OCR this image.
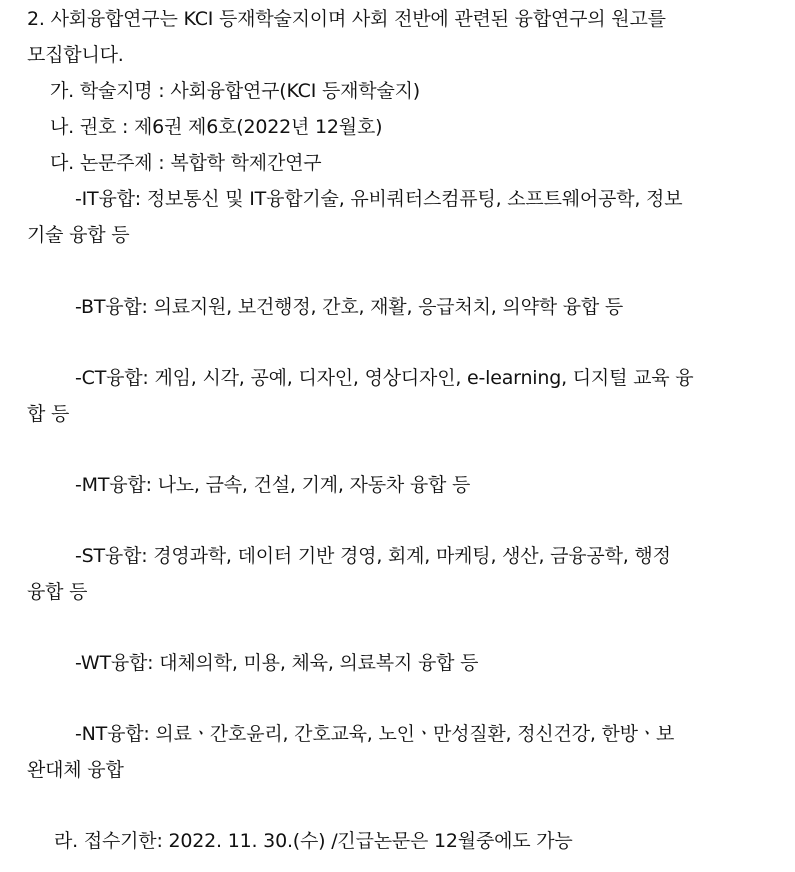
2. 사회융합연구는 KCI 등재학술지이며 사회 전반에 관련된 융합연구의 원고를
모집합니다.
가. 학술지명 : 사회융합연구(KCI 등재학술지)
나. 권호 : 제6권 제6호(2022년 12월호)
다. 논문주제 : 복합학 학제간연구
-IT융합: 정보통신 및 IT융합기술, 유비쿼터스컴퓨팅, 소프트웨어공학, 정보
기술 융합 등
-BT융합: 의료지원, 보건행정, 간호, 재활, 응급처치, 의약학 융합 등
-CT융합: 게임, 시각, 공예, 디자인, 영상디자인, e-learning, 디지털 교육 융
합 등
-MT융합: 나노, 금속, 건설, 기계, 자동차 융합 등
-ST융합: 경영과학, 데이터 기반 경영, 회계, 마케팅, 생산, 금융공학, 행정
융합 등
-WT융합: 대체의학, 미용, 체육, 의료복지 융합 등
-NT융합: 의료ㆍ간호윤리, 간호교육, 노인ㆍ만성질환, 정신건강, 한방ㆍ보
완대체 융합
라. 접수기한: 2022. 11. 30.(수) /긴급논문은 12월중에도 가능
